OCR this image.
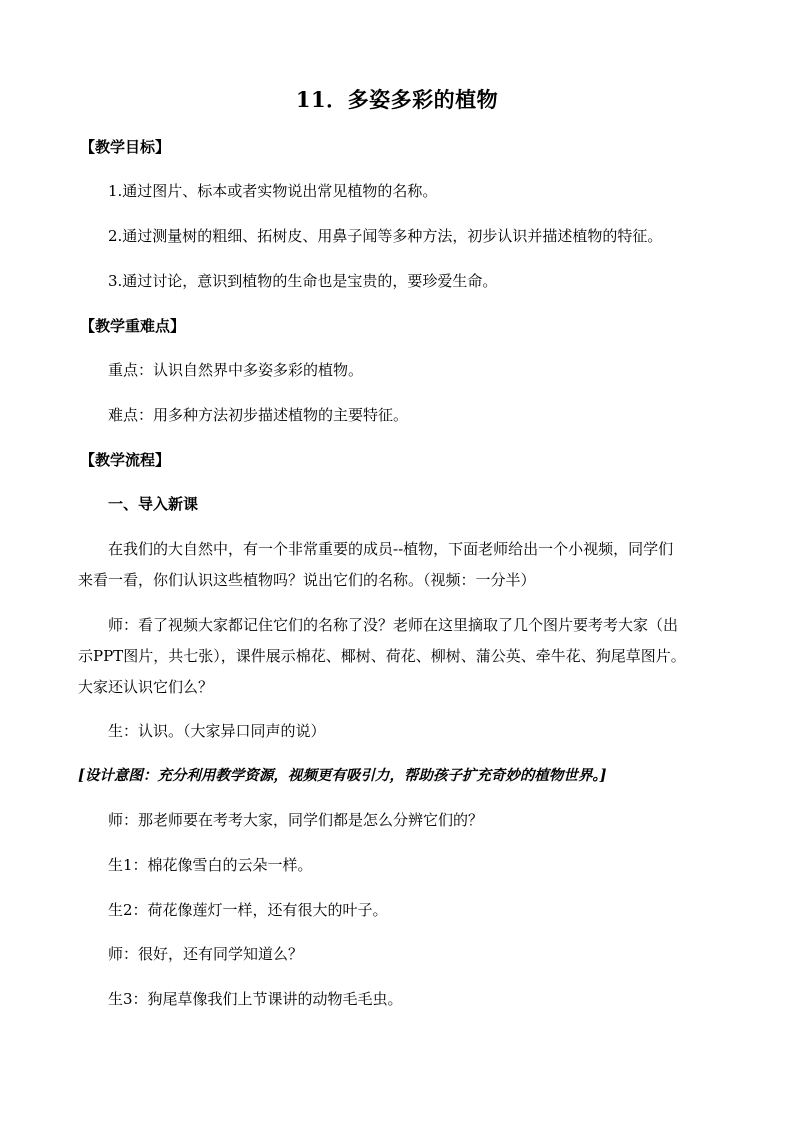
11．多姿多彩的植物
【教学目标】
1.通过图片、标本或者实物说出常见植物的名称。
2.通过测量树的粗细、拓树皮、用鼻子闻等多种方法，初步认识并描述植物的特征。
3.通过讨论，意识到植物的生命也是宝贵的，要珍爱生命。
【教学重难点】
重点：认识自然界中多姿多彩的植物。
难点：用多种方法初步描述植物的主要特征。
【教学流程】
一、导入新课
在我们的大自然中，有一个非常重要的成员--植物，下面老师给出一个小视频，同学们
来看一看，你们认识这些植物吗？说出它们的名称。（视频：一分半）
师：看了视频大家都记住它们的名称了没？老师在这里摘取了几个图片要考考大家（出
示PPT图片，共七张），课件展示棉花、椰树、荷花、柳树、蒲公英、牵牛花、狗尾草图片。
大家还认识它们么？
生：认识。（大家异口同声的说）
[设计意图：充分利用教学资源，视频更有吸引力，帮助孩子扩充奇妙的植物世界。]
师：那老师要在考考大家，同学们都是怎么分辨它们的？
生1：棉花像雪白的云朵一样。
生2：荷花像莲灯一样，还有很大的叶子。
师：很好，还有同学知道么？
生3：狗尾草像我们上节课讲的动物毛毛虫。
